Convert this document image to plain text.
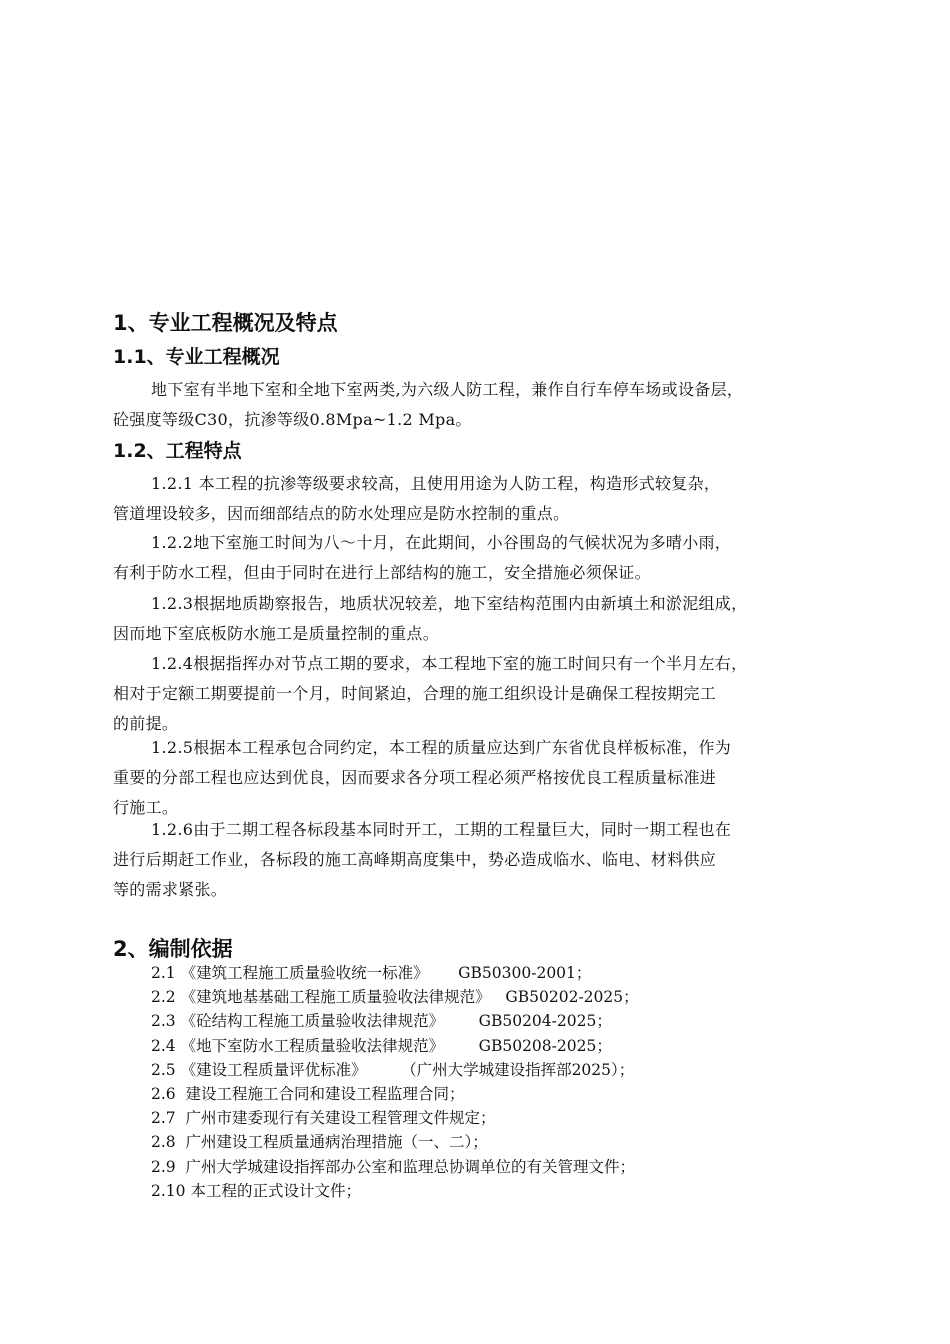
1、专业工程概况及特点
1.1、专业工程概况

地下室有半地下室和全地下室两类,为六级人防工程，兼作自行车停车场或设备层，
砼强度等级C30，抗渗等级0.8Mpa~1.2 Mpa。

1.2、工程特点

1.2.1 本工程的抗渗等级要求较高，且使用用途为人防工程，构造形式较复杂，
管道埋设较多，因而细部结点的防水处理应是防水控制的重点。

1.2.2地下室施工时间为八～十月，在此期间，小谷围岛的气候状况为多晴小雨，
有利于防水工程，但由于同时在进行上部结构的施工，安全措施必须保证。

1.2.3根据地质勘察报告，地质状况较差，地下室结构范围内由新填土和淤泥组成，
因而地下室底板防水施工是质量控制的重点。

1.2.4根据指挥办对节点工期的要求，本工程地下室的施工时间只有一个半月左右，
相对于定额工期要提前一个月，时间紧迫，合理的施工组织设计是确保工程按期完工
的前提。

1.2.5根据本工程承包合同约定，本工程的质量应达到广东省优良样板标准，作为
重要的分部工程也应达到优良，因而要求各分项工程必须严格按优良工程质量标准进
行施工。

1.2.6由于二期工程各标段基本同时开工，工期的工程量巨大，同时一期工程也在
进行后期赶工作业，各标段的施工高峰期高度集中，势必造成临水、临电、材料供应
等的需求紧张。

2、编制依据
2.1 《建筑工程施工质量验收统一标准》      GB50300-2001；
2.2 《建筑地基基础工程施工质量验收法律规范》   GB50202-2025；
2.3 《砼结构工程施工质量验收法律规范》       GB50204-2025；
2.4 《地下室防水工程质量验收法律规范》       GB50208-2025；
2.5 《建设工程质量评优标准》       （广州大学城建设指挥部2025）；
2.6  建设工程施工合同和建设工程监理合同；
2.7  广州市建委现行有关建设工程管理文件规定；
2.8  广州建设工程质量通病治理措施（一、二）；
2.9  广州大学城建设指挥部办公室和监理总协调单位的有关管理文件；
2.10 本工程的正式设计文件；
